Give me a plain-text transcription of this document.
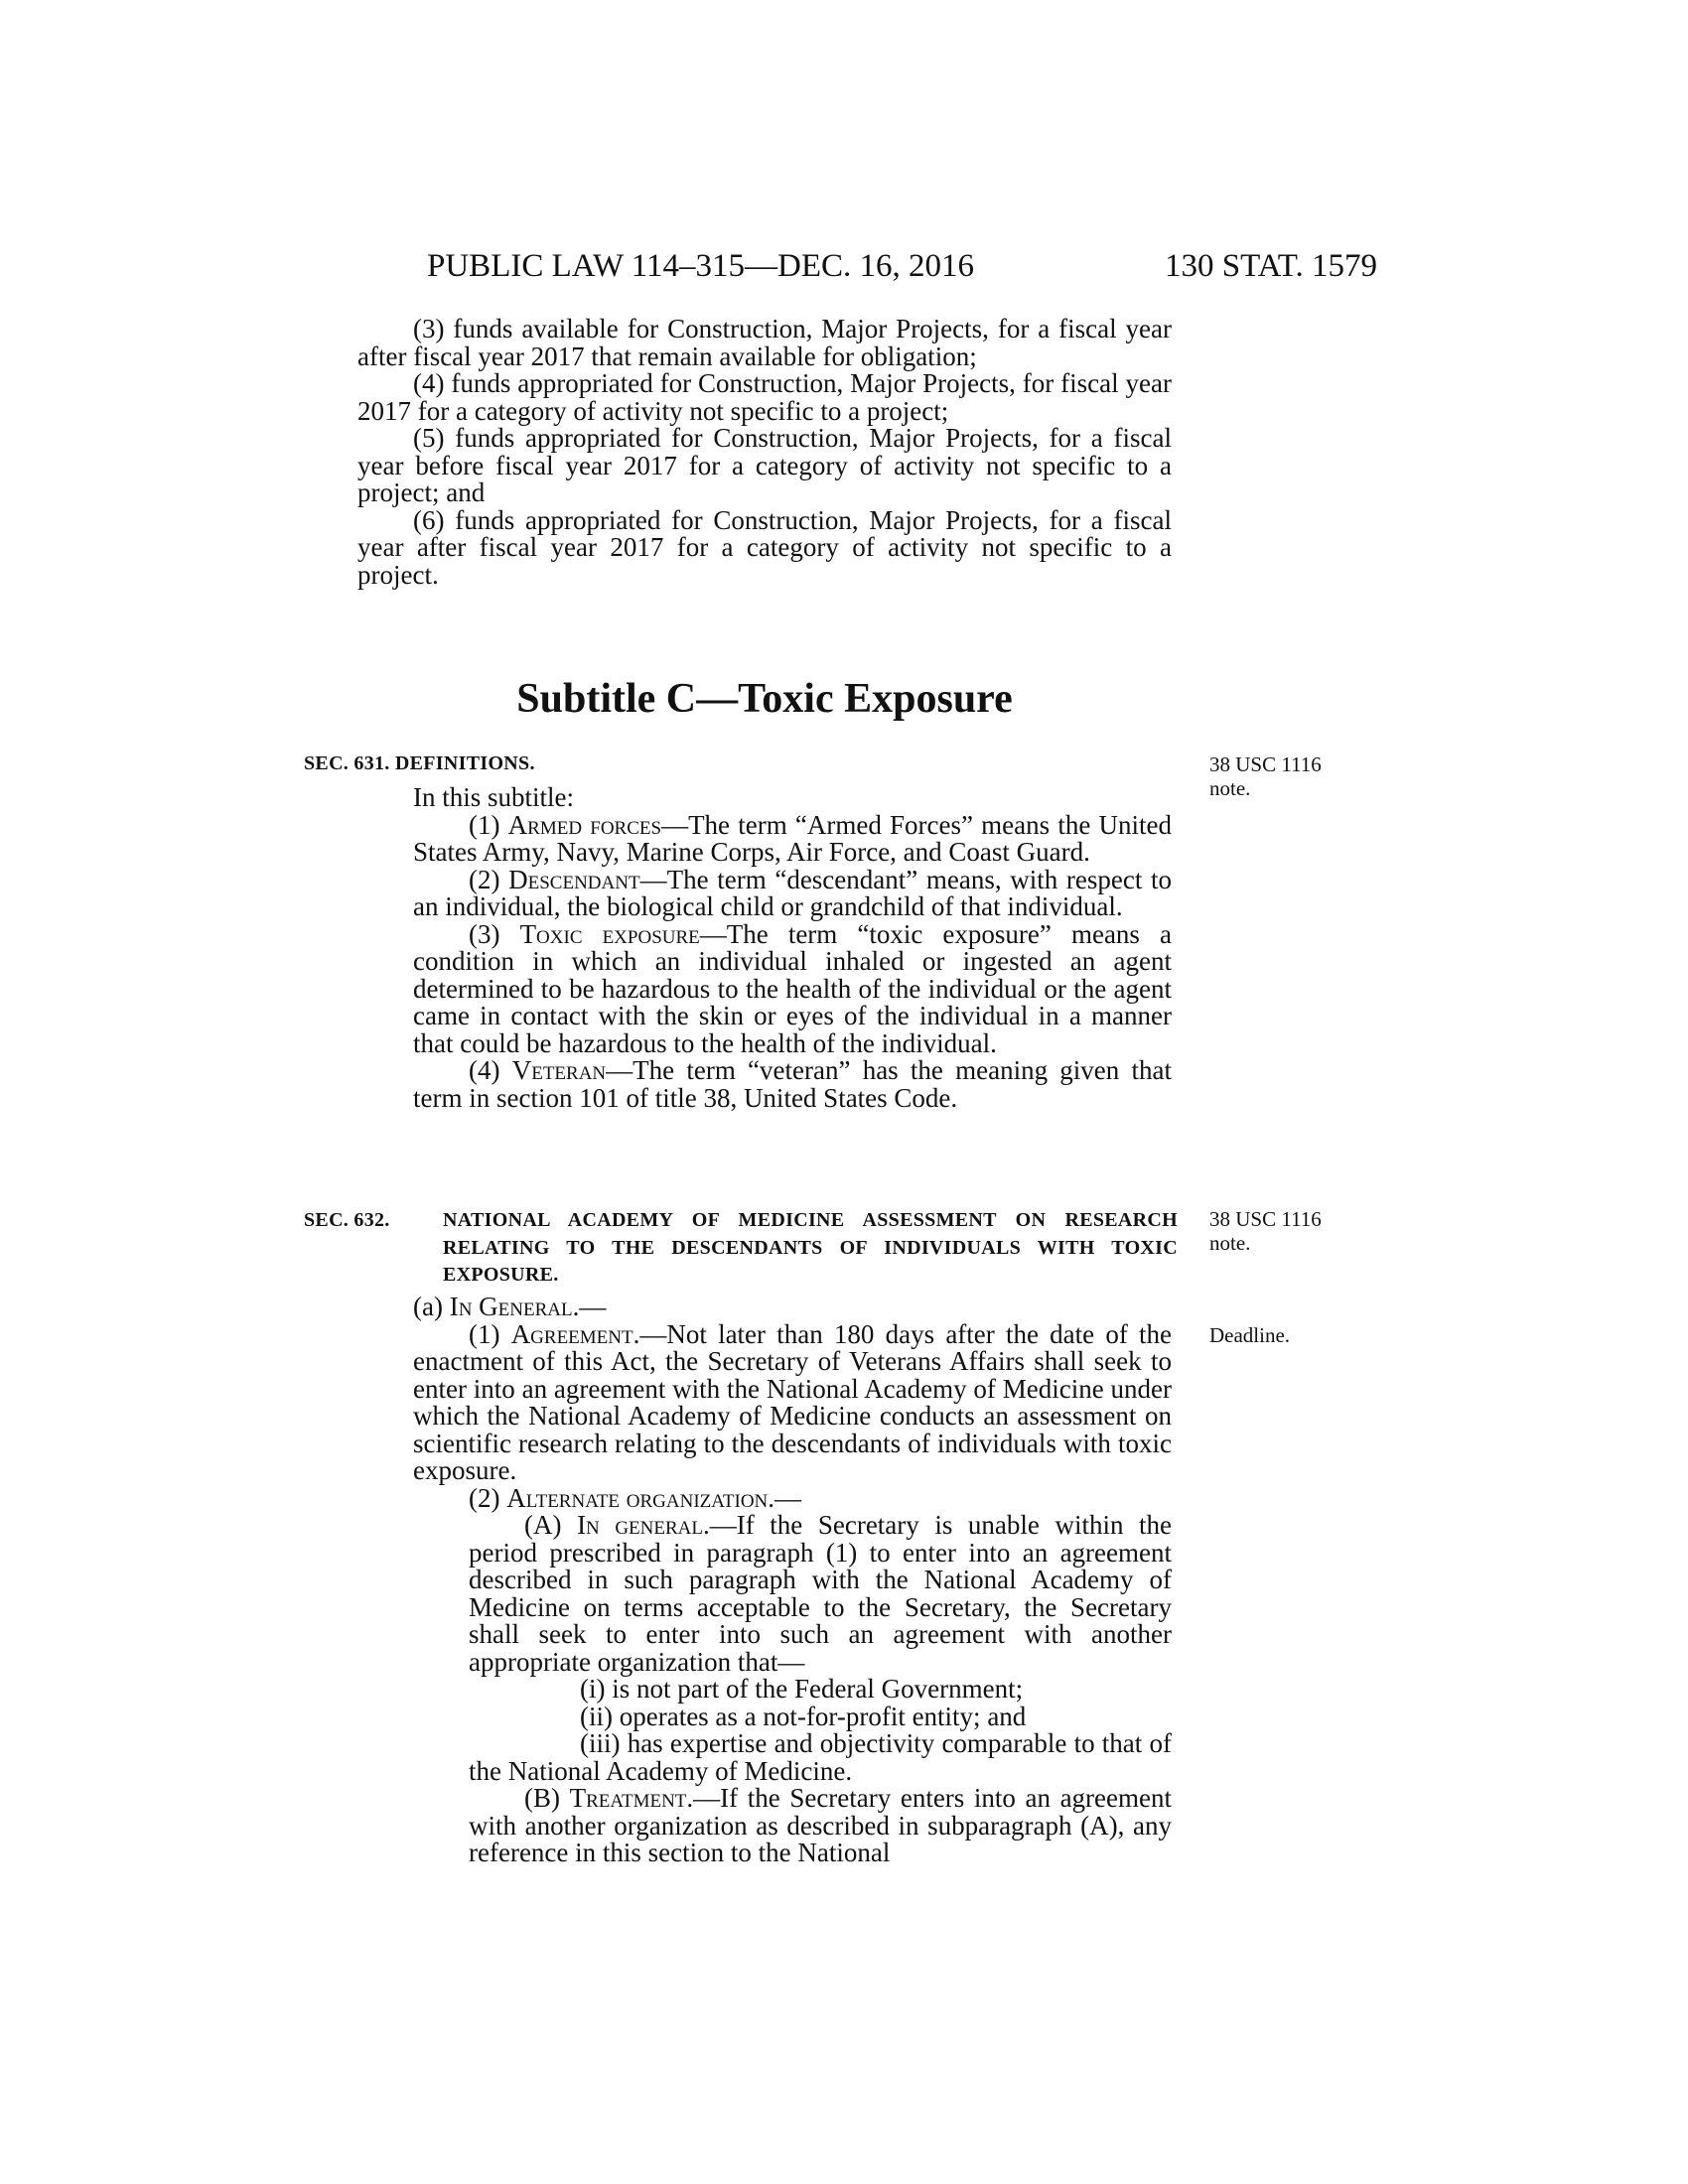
PUBLIC LAW 114–315—DEC. 16, 2016	130 STAT. 1579

(3) funds available for Construction, Major Projects, for a fiscal year after fiscal year 2017 that remain available for obligation;

(4) funds appropriated for Construction, Major Projects, for fiscal year 2017 for a category of activity not specific to a project;

(5) funds appropriated for Construction, Major Projects, for a fiscal year before fiscal year 2017 for a category of activity not specific to a project; and

(6) funds appropriated for Construction, Major Projects, for a fiscal year after fiscal year 2017 for a category of activity not specific to a project.

Subtitle C—Toxic Exposure
SEC. 631. DEFINITIONS.	38 USC 1116 note.

In this subtitle:

(1) Armed forces—The term “Armed Forces” means the United States Army, Navy, Marine Corps, Air Force, and Coast Guard.

(2) Descendant—The term “descendant” means, with respect to an individual, the biological child or grandchild of that individual.

(3) Toxic exposure—The term “toxic exposure” means a condition in which an individual inhaled or ingested an agent determined to be hazardous to the health of the individual or the agent came in contact with the skin or eyes of the individual in a manner that could be hazardous to the health of the individual.

(4) Veteran—The term “veteran” has the meaning given that term in section 101 of title 38, United States Code.

SEC. 632.	NATIONAL ACADEMY OF MEDICINE ASSESSMENT ON RESEARCH RELATING TO THE DESCENDANTS OF INDIVIDUALS WITH TOXIC EXPOSURE.
38 USC 1116 note.
Deadline.

(a) In General.—

(1) Agreement.—Not later than 180 days after the date of the enactment of this Act, the Secretary of Veterans Affairs shall seek to enter into an agreement with the National Academy of Medicine under which the National Academy of Medicine conducts an assessment on scientific research relating to the descendants of individuals with toxic exposure.

(2) Alternate organization.—

(A) In general.—If the Secretary is unable within the period prescribed in paragraph (1) to enter into an agreement described in such paragraph with the National Academy of Medicine on terms acceptable to the Secretary, the Secretary shall seek to enter into such an agreement with another appropriate organization that—

(i) is not part of the Federal Government;

(ii) operates as a not-for-profit entity; and

(iii) has expertise and objectivity comparable to that of the National Academy of Medicine.

(B) Treatment.—If the Secretary enters into an agreement with another organization as described in subparagraph (A), any reference in this section to the National
